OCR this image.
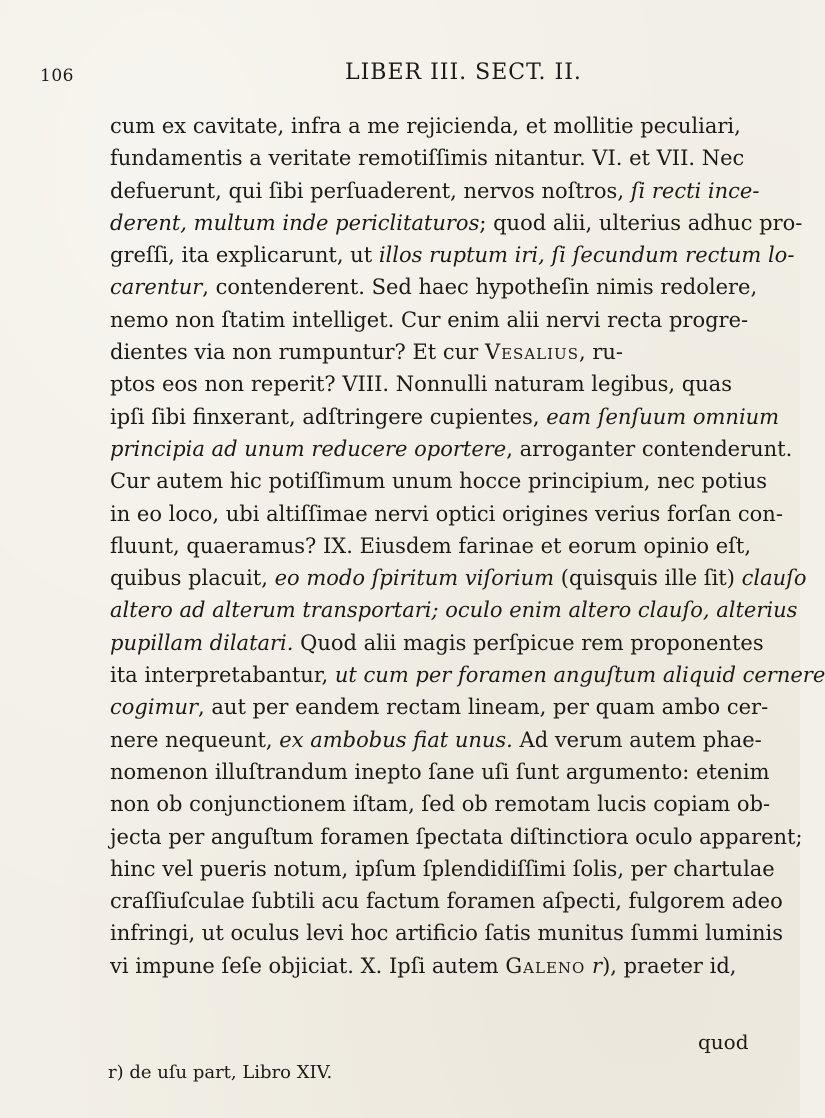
106	LIBER III. SECT. II.
cum ex cavitate, infra a me rejicienda, et mollitie peculiari,
fundamentis a veritate remotiſſimis nitantur. VI. et VII. Nec
defuerunt, qui ſibi perſuaderent, nervos noſtros, ſi recti ince-
derent, multum inde periclitaturos; quod alii, ulterius adhuc pro-
greſſi, ita explicarunt, ut illos ruptum iri, ſi ſecundum rectum lo-
carentur, contenderent. Sed haec hypotheſin nimis redolere,
nemo non ſtatim intelliget. Cur enim alii nervi recta progre-
dientes via non rumpuntur? Et cur Vesalius, ru-
ptos eos non reperit? VIII. Nonnulli naturam legibus, quas
ipſi ſibi finxerant, adſtringere cupientes, eam ſenſuum omnium
principia ad unum reducere oportere, arroganter contenderunt.
Cur autem hic potiſſimum unum hocce principium, nec potius
in eo loco, ubi altiſſimae nervi optici origines verius forſan con-
fluunt, quaeramus? IX. Eiusdem farinae et eorum opinio eſt,
quibus placuit, eo modo ſpiritum viſorium (quisquis ille ſit) clauſo
altero ad alterum transportari; oculo enim altero clauſo, alterius
pupillam dilatari. Quod alii magis perſpicue rem proponentes
ita interpretabantur, ut cum per foramen anguſtum aliquid cernere
cogimur, aut per eandem rectam lineam, per quam ambo cer-
nere nequeunt, ex ambobus fiat unus. Ad verum autem phae-
nomenon illuſtrandum inepto ſane uſi ſunt argumento: etenim
non ob conjunctionem iſtam, ſed ob remotam lucis copiam ob-
jecta per anguſtum foramen ſpectata diſtinctiora oculo apparent;
hinc vel pueris notum, ipſum ſplendidiſſimi ſolis, per chartulae
craſſiuſculae ſubtili acu factum foramen aſpecti, fulgorem adeo
infringi, ut oculus levi hoc artificio ſatis munitus ſummi luminis
vi impune ſeſe objiciat. X. Ipſi autem Galeno r), praeter id,
quod
r) de uſu part, Libro XIV.
